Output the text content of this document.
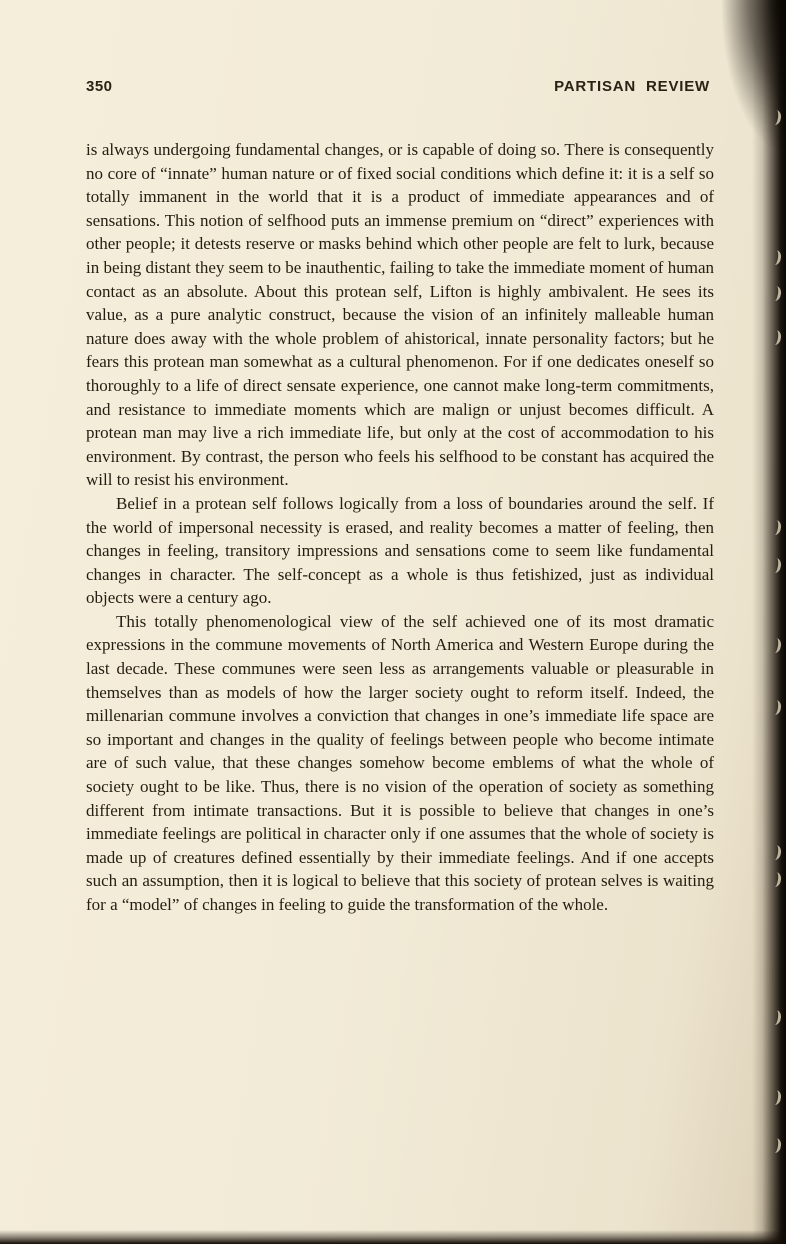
350	PARTISAN REVIEW

is always undergoing fundamental changes, or is capable of doing so. There is consequently no core of “innate” human nature or of fixed social conditions which define it: it is a self so totally immanent in the world that it is a product of immediate appearances and of sensations. This notion of selfhood puts an immense premium on “direct” experiences with other people; it detests reserve or masks behind which other people are felt to lurk, because in being distant they seem to be inauthentic, failing to take the immediate moment of human contact as an absolute. About this protean self, Lifton is highly ambivalent. He sees its value, as a pure analytic construct, because the vision of an infinitely malleable human nature does away with the whole problem of ahistorical, innate personality factors; but he fears this protean man somewhat as a cultural phenomenon. For if one dedicates oneself so thoroughly to a life of direct sensate experience, one cannot make long-term commitments, and resistance to immediate moments which are malign or unjust becomes difficult. A protean man may live a rich immediate life, but only at the cost of accommodation to his environment. By contrast, the person who feels his selfhood to be constant has acquired the will to resist his environment.

Belief in a protean self follows logically from a loss of boundaries around the self. If the world of impersonal necessity is erased, and reality becomes a matter of feeling, then changes in feeling, transitory impressions and sensations come to seem like fundamental changes in character. The self-concept as a whole is thus fetishized, just as individual objects were a century ago.

This totally phenomenological view of the self achieved one of its most dramatic expressions in the commune movements of North America and Western Europe during the last decade. These communes were seen less as arrangements valuable or pleasurable in themselves than as models of how the larger society ought to reform itself. Indeed, the millenarian commune involves a conviction that changes in one’s immediate life space are so important and changes in the quality of feelings between people who become intimate are of such value, that these changes somehow become emblems of what the whole of society ought to be like. Thus, there is no vision of the operation of society as something different from intimate transactions. But it is possible to believe that changes in one’s immediate feelings are political in character only if one assumes that the whole of society is made up of creatures defined essentially by their immediate feelings. And if one accepts such an assumption, then it is logical to believe that this society of protean selves is waiting for a “model” of changes in feeling to guide the transformation of the whole.
